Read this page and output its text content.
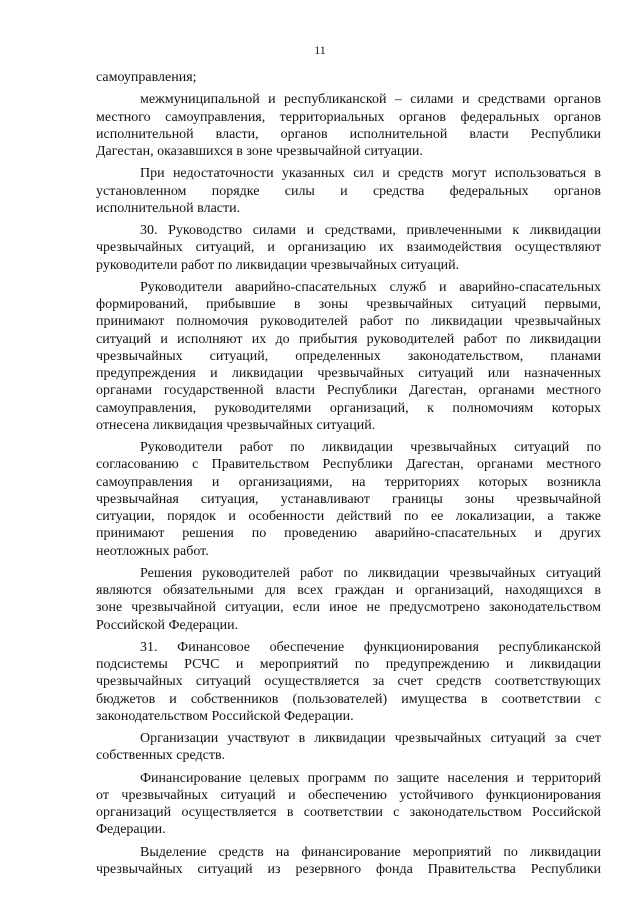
11
самоуправления;
межмуниципальной и республиканской – силами и средствами органов
местного самоуправления, территориальных органов федеральных органов
исполнительной власти, органов исполнительной власти Республики
Дагестан, оказавшихся в зоне чрезвычайной ситуации.
При недостаточности указанных сил и средств могут использоваться в
установленном порядке силы и средства федеральных органов
исполнительной власти.
30. Руководство силами и средствами, привлеченными к ликвидации
чрезвычайных ситуаций, и организацию их взаимодействия осуществляют
руководители работ по ликвидации чрезвычайных ситуаций.
Руководители аварийно-спасательных служб и аварийно-спасательных
формирований, прибывшие в зоны чрезвычайных ситуаций первыми,
принимают полномочия руководителей работ по ликвидации чрезвычайных
ситуаций и исполняют их до прибытия руководителей работ по ликвидации
чрезвычайных ситуаций, определенных законодательством, планами
предупреждения и ликвидации чрезвычайных ситуаций или назначенных
органами государственной власти Республики Дагестан, органами местного
самоуправления, руководителями организаций, к полномочиям которых
отнесена ликвидация чрезвычайных ситуаций.
Руководители работ по ликвидации чрезвычайных ситуаций по
согласованию с Правительством Республики Дагестан, органами местного
самоуправления и организациями, на территориях которых возникла
чрезвычайная ситуация, устанавливают границы зоны чрезвычайной
ситуации, порядок и особенности действий по ее локализации, а также
принимают решения по проведению аварийно-спасательных и других
неотложных работ.
Решения руководителей работ по ликвидации чрезвычайных ситуаций
являются обязательными для всех граждан и организаций, находящихся в
зоне чрезвычайной ситуации, если иное не предусмотрено законодательством
Российской Федерации.
31. Финансовое обеспечение функционирования республиканской
подсистемы РСЧС и мероприятий по предупреждению и ликвидации
чрезвычайных ситуаций осуществляется за счет средств соответствующих
бюджетов и собственников (пользователей) имущества в соответствии с
законодательством Российской Федерации.
Организации участвуют в ликвидации чрезвычайных ситуаций за счет
собственных средств.
Финансирование целевых программ по защите населения и территорий
от чрезвычайных ситуаций и обеспечению устойчивого функционирования
организаций осуществляется в соответствии с законодательством Российской
Федерации.
Выделение средств на финансирование мероприятий по ликвидации
чрезвычайных ситуаций из резервного фонда Правительства Республики
